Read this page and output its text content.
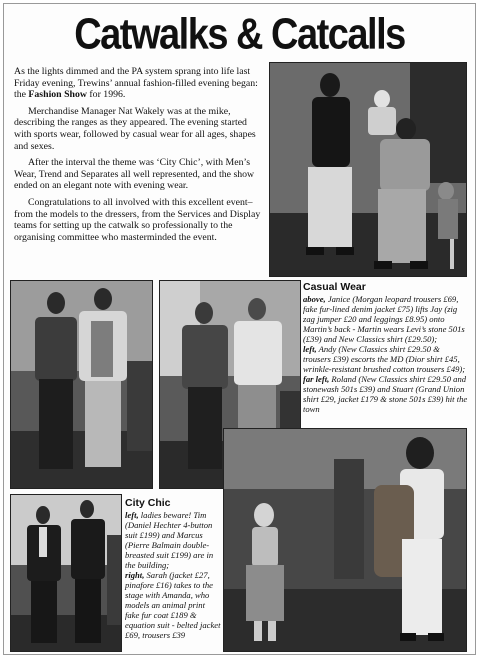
Catwalks & Catcalls

As the lights dimmed and the PA system sprang into life last Friday evening, Trewins’ annual fashion-filled evening began: the Fashion Show for 1996.

Merchandise Manager Nat Wakely was at the mike, describing the ranges as they appeared. The evening started with sports wear, followed by casual wear for all ages, shapes and sexes.

After the interval the theme was ‘City Chic’, with Men’s Wear, Trend and Separates all well represented, and the show ended on an elegant note with evening wear.

Congratulations to all involved with this excellent event–from the models to the dressers, from the Services and Display teams for setting up the catwalk so professionally to the organising committee who masterminded the event.

Casual Wear
above, Janice (Morgan leopard trousers £69, fake fur-lined denim jacket £75) lifts Jay (zig zag jumper £20 and leggings £8.95) onto Martin’s back - Martin wears Levi’s stone 501s (£39) and New Classics shirt (£29.50);
left, Andy (New Classics shirt £29.50 & trousers £39) escorts the MD (Dior shirt £45, wrinkle-resistant brushed cotton trousers £49);
far left, Roland (New Classics shirt £29.50 and stonewash 501s £39) and Stuart (Grand Union shirt £29, jacket £179 & stone 501s £39) hit the town
City Chic
left, ladies beware! Tim (Daniel Hechter 4-button suit £199) and Marcus (Pierre Balmain double-breasted suit £199) are in the building;
right, Sarah (jacket £27, pinafore £16) takes to the stage with Amanda, who models an animal print fake fur coat £189 & equation suit - belted jacket £69, trousers £39
